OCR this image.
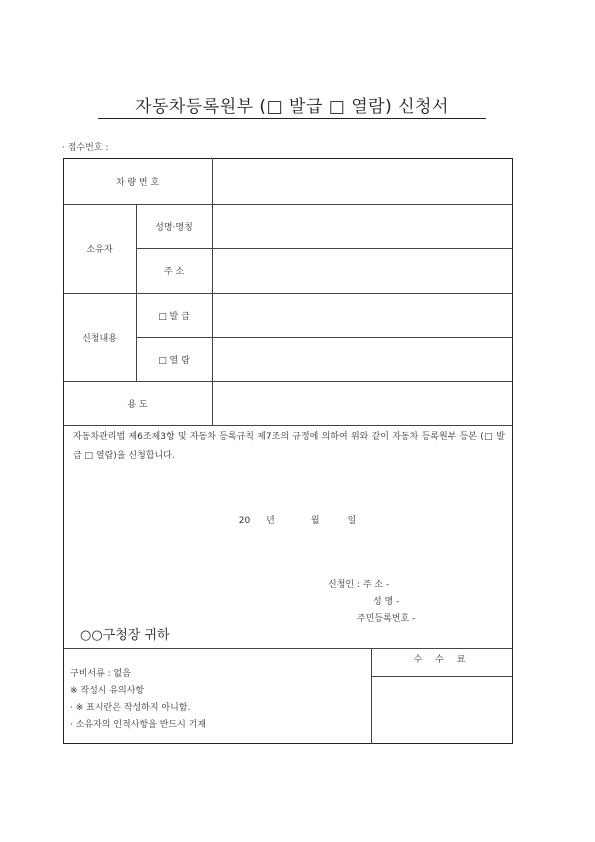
자동차등록원부 (□ 발급 □ 열람) 신청서
· 접수번호 :
차 량 번 호
소유자
성명·명칭
주 소
신청내용
□ 발 급
□ 열 람
용 도
자동차관리법 제6조제3항 및 자동차 등록규칙 제7조의 규정에 의하여 위와 같이 자동차 등록원부 등본 (□ 발급 □ 열람)을 신청합니다.
20 년	월	일
신청인 : 주 소 -
성 명 -
주민등록번호 -
○○구청장 귀하
구비서류 : 없음
※ 작성시 유의사항
· ※ 표시란은 작성하지 아니함.
· 소유자의 인적사항을 반드시 기재
수 수 료
